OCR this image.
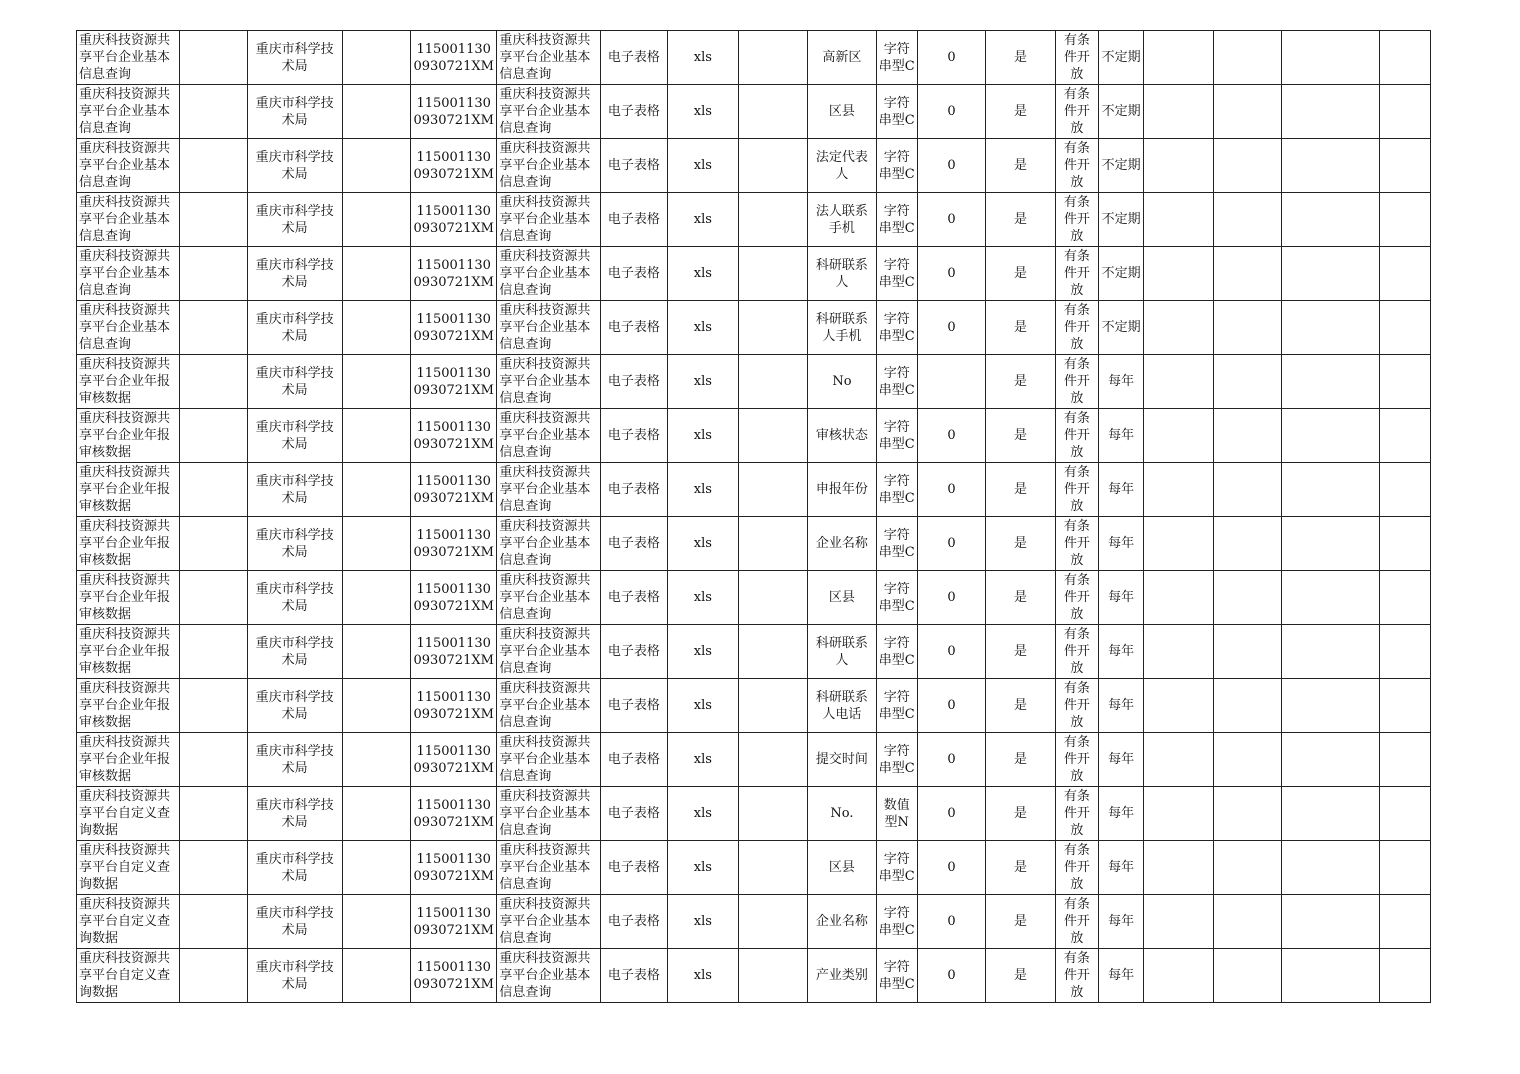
重庆科技资源共享平台企业基本信息查询		重庆市科学技术局		1150011300930721XM	重庆科技资源共享平台企业基本信息查询	电子表格	xls		高新区	字符串型C	0	是	有条件开放	不定期				

重庆科技资源共享平台企业基本信息查询		重庆市科学技术局		1150011300930721XM	重庆科技资源共享平台企业基本信息查询	电子表格	xls		区县	字符串型C	0	是	有条件开放	不定期				

重庆科技资源共享平台企业基本信息查询		重庆市科学技术局		1150011300930721XM	重庆科技资源共享平台企业基本信息查询	电子表格	xls		法定代表人	字符串型C	0	是	有条件开放	不定期				

重庆科技资源共享平台企业基本信息查询		重庆市科学技术局		1150011300930721XM	重庆科技资源共享平台企业基本信息查询	电子表格	xls		法人联系手机	字符串型C	0	是	有条件开放	不定期				

重庆科技资源共享平台企业基本信息查询		重庆市科学技术局		1150011300930721XM	重庆科技资源共享平台企业基本信息查询	电子表格	xls		科研联系人	字符串型C	0	是	有条件开放	不定期				

重庆科技资源共享平台企业基本信息查询		重庆市科学技术局		1150011300930721XM	重庆科技资源共享平台企业基本信息查询	电子表格	xls		科研联系人手机	字符串型C	0	是	有条件开放	不定期				

重庆科技资源共享平台企业年报审核数据		重庆市科学技术局		1150011300930721XM	重庆科技资源共享平台企业基本信息查询	电子表格	xls		No	字符串型C		是	有条件开放	每年				

重庆科技资源共享平台企业年报审核数据		重庆市科学技术局		1150011300930721XM	重庆科技资源共享平台企业基本信息查询	电子表格	xls		审核状态	字符串型C	0	是	有条件开放	每年				

重庆科技资源共享平台企业年报审核数据		重庆市科学技术局		1150011300930721XM	重庆科技资源共享平台企业基本信息查询	电子表格	xls		申报年份	字符串型C	0	是	有条件开放	每年				

重庆科技资源共享平台企业年报审核数据		重庆市科学技术局		1150011300930721XM	重庆科技资源共享平台企业基本信息查询	电子表格	xls		企业名称	字符串型C	0	是	有条件开放	每年				

重庆科技资源共享平台企业年报审核数据		重庆市科学技术局		1150011300930721XM	重庆科技资源共享平台企业基本信息查询	电子表格	xls		区县	字符串型C	0	是	有条件开放	每年				

重庆科技资源共享平台企业年报审核数据		重庆市科学技术局		1150011300930721XM	重庆科技资源共享平台企业基本信息查询	电子表格	xls		科研联系人	字符串型C	0	是	有条件开放	每年				

重庆科技资源共享平台企业年报审核数据		重庆市科学技术局		1150011300930721XM	重庆科技资源共享平台企业基本信息查询	电子表格	xls		科研联系人电话	字符串型C	0	是	有条件开放	每年				

重庆科技资源共享平台企业年报审核数据		重庆市科学技术局		1150011300930721XM	重庆科技资源共享平台企业基本信息查询	电子表格	xls		提交时间	字符串型C	0	是	有条件开放	每年				

重庆科技资源共享平台自定义查询数据		重庆市科学技术局		1150011300930721XM	重庆科技资源共享平台企业基本信息查询	电子表格	xls		No.	数值型N	0	是	有条件开放	每年				

重庆科技资源共享平台自定义查询数据		重庆市科学技术局		1150011300930721XM	重庆科技资源共享平台企业基本信息查询	电子表格	xls		区县	字符串型C	0	是	有条件开放	每年				

重庆科技资源共享平台自定义查询数据		重庆市科学技术局		1150011300930721XM	重庆科技资源共享平台企业基本信息查询	电子表格	xls		企业名称	字符串型C	0	是	有条件开放	每年				

重庆科技资源共享平台自定义查询数据		重庆市科学技术局		1150011300930721XM	重庆科技资源共享平台企业基本信息查询	电子表格	xls		产业类别	字符串型C	0	是	有条件开放	每年				
